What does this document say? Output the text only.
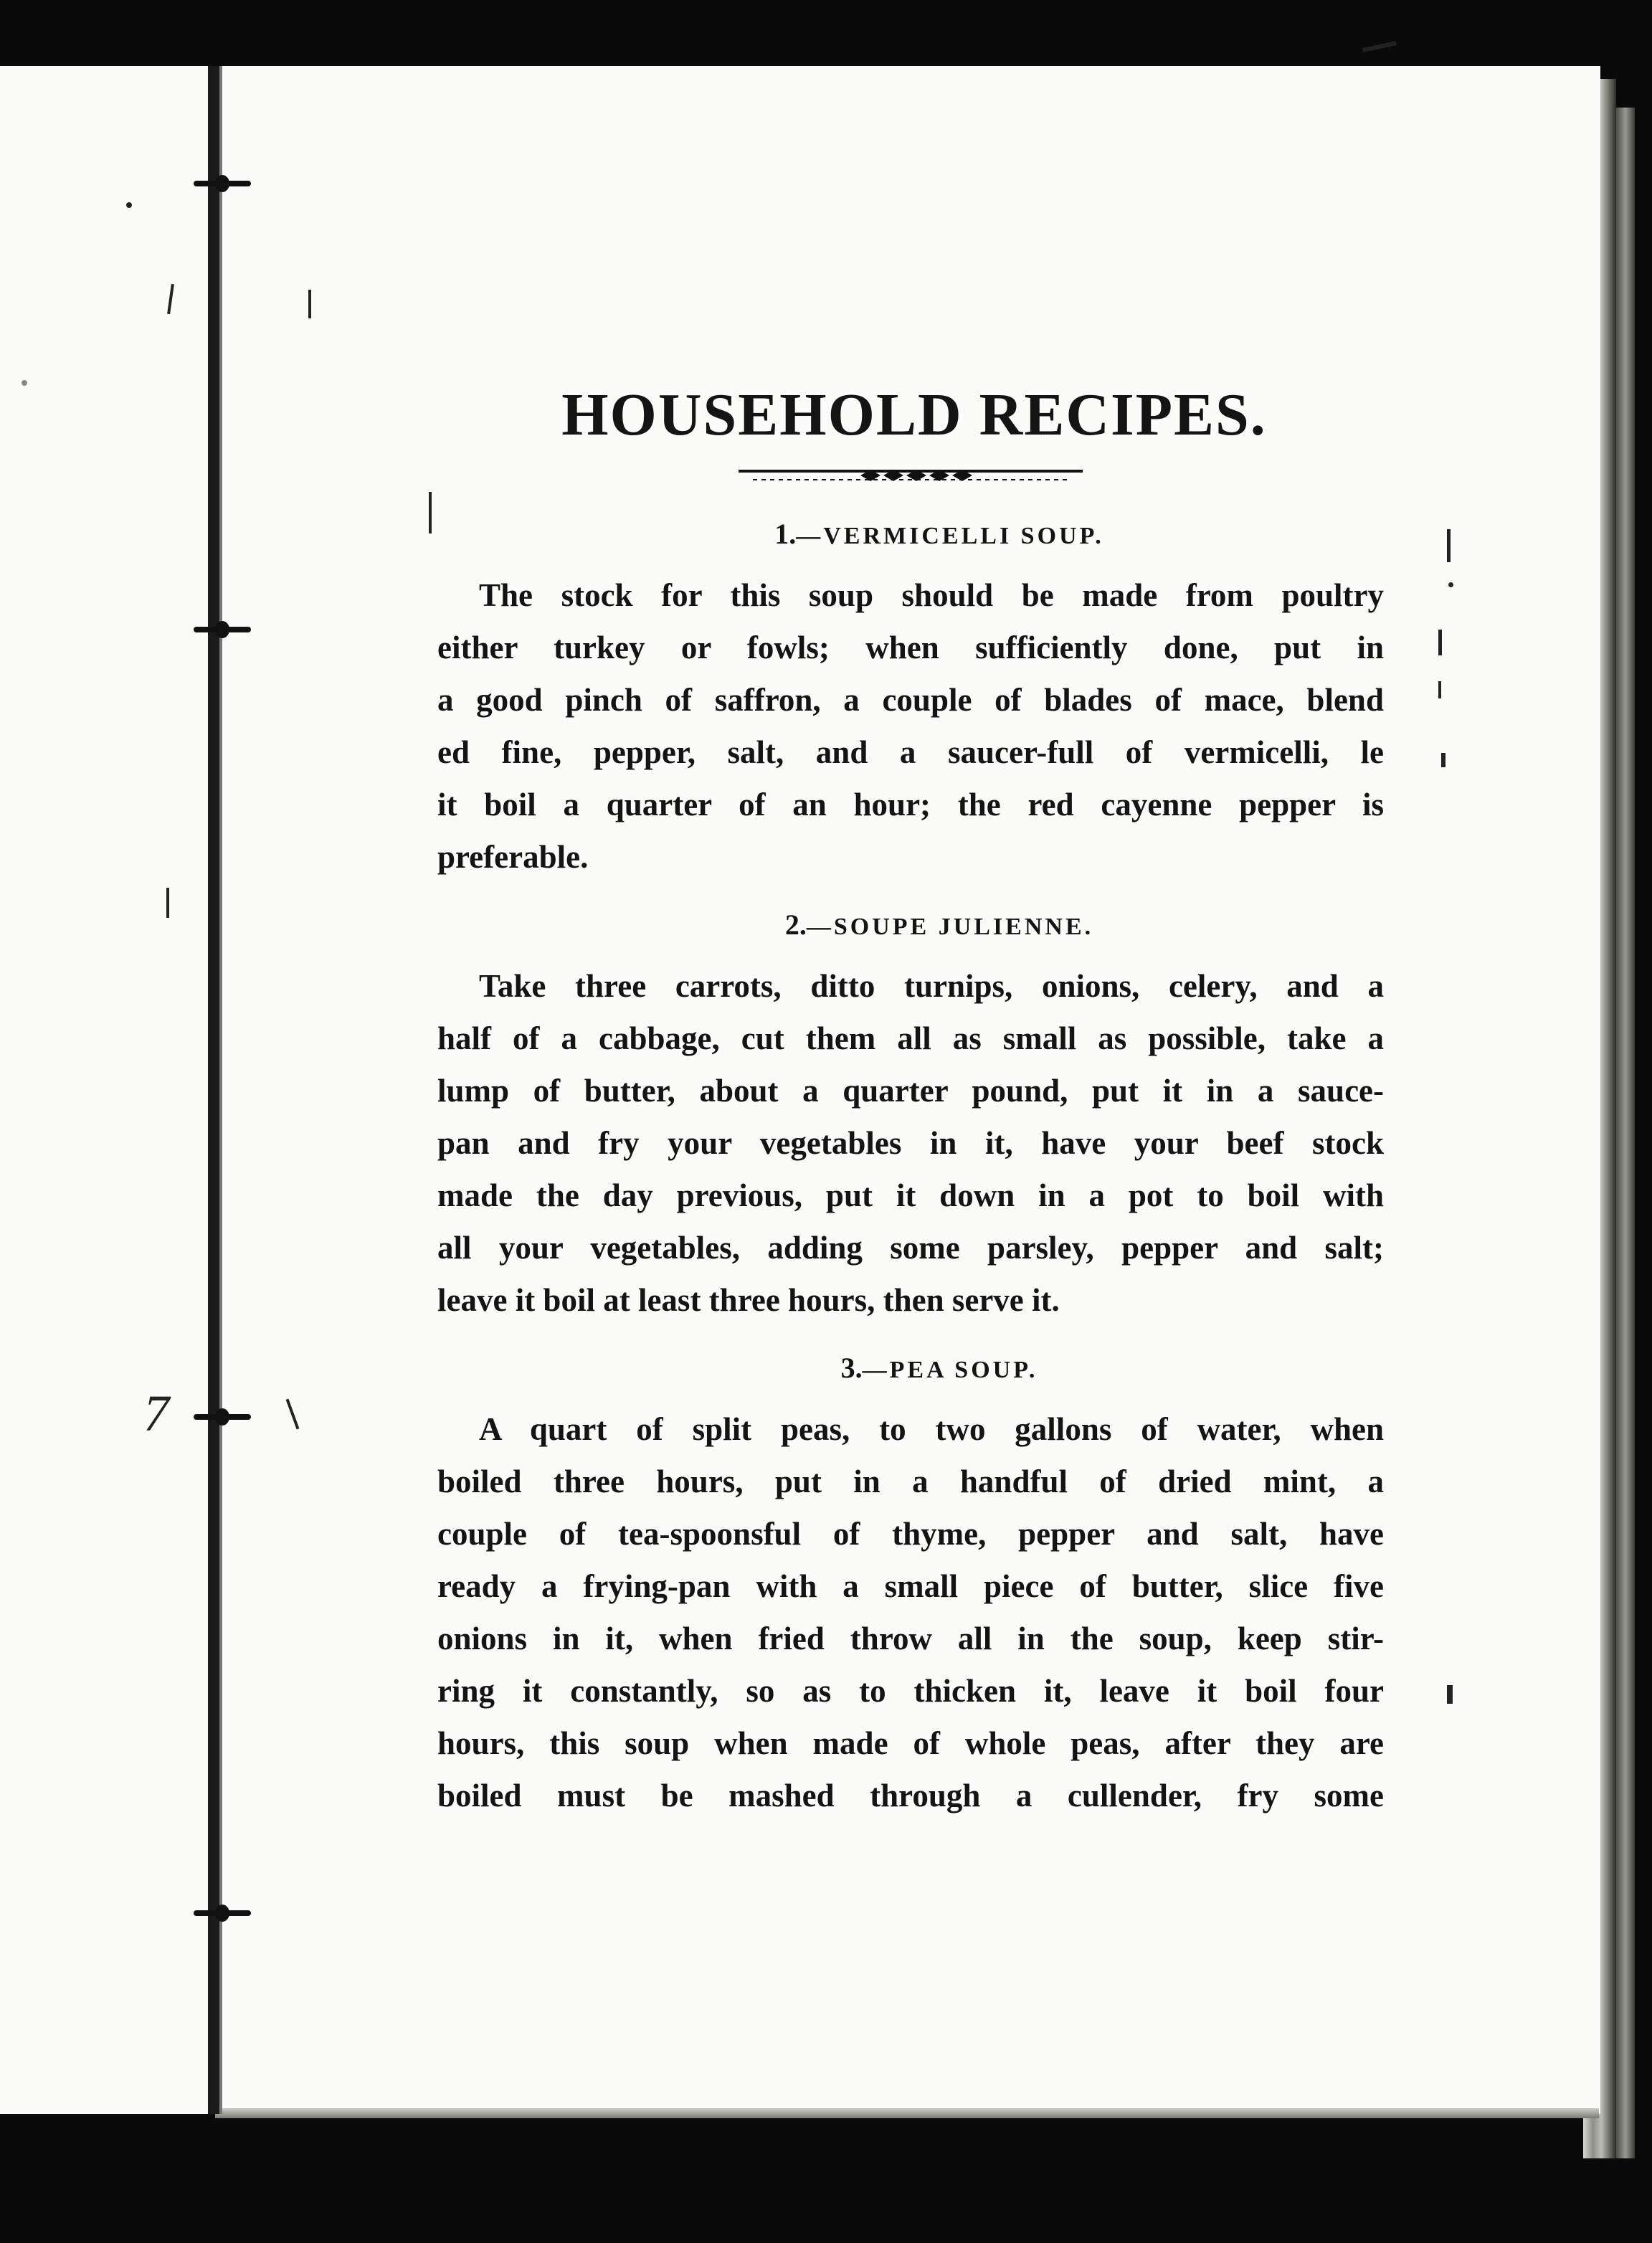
7
HOUSEHOLD RECIPES.
1.—VERMICELLI SOUP.
The stock for this soup should be made from poultry
either turkey or fowls; when sufficiently done, put in
a good pinch of saffron, a couple of blades of mace, blend
ed fine, pepper, salt, and a saucer-full of vermicelli, le
it boil a quarter of an hour; the red cayenne pepper is
preferable.
2.—SOUPE JULIENNE.
Take three carrots, ditto turnips, onions, celery, and a
half of a cabbage, cut them all as small as possible, take a
lump of butter, about a quarter pound, put it in a sauce-
pan and fry your vegetables in it, have your beef stock
made the day previous, put it down in a pot to boil with
all your vegetables, adding some parsley, pepper and salt;
leave it boil at least three hours, then serve it.
3.—PEA SOUP.
A quart of split peas, to two gallons of water, when
boiled three hours, put in a handful of dried mint, a
couple of tea-spoonsful of thyme, pepper and salt, have
ready a frying-pan with a small piece of butter, slice five
onions in it, when fried throw all in the soup, keep stir-
ring it constantly, so as to thicken it, leave it boil four
hours, this soup when made of whole peas, after they are
boiled must be mashed through a cullender, fry some
